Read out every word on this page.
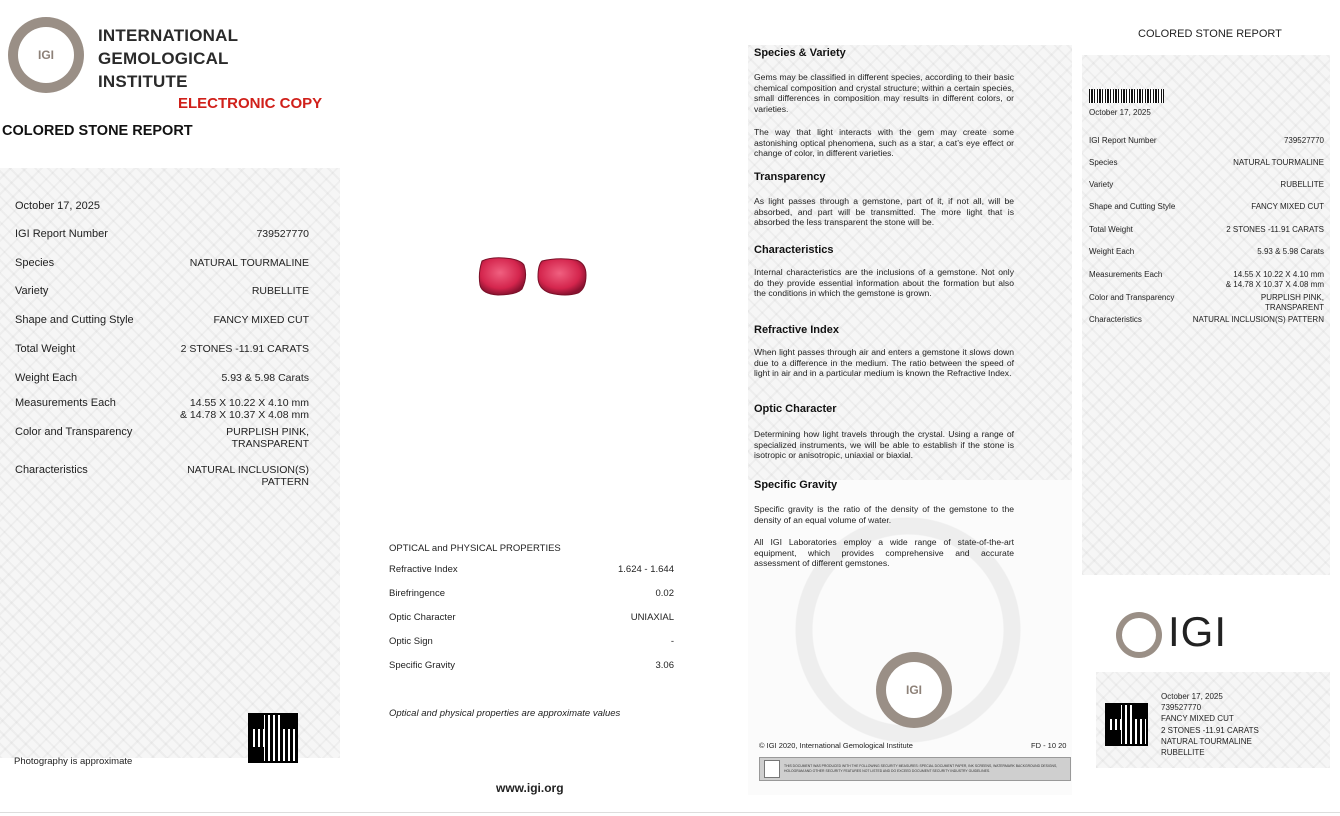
IGI
INTERNATIONAL
GEMOLOGICAL
INSTITUTE
ELECTRONIC COPY
COLORED STONE REPORT
October 17, 2025
IGI Report Number	739527770
Species	NATURAL TOURMALINE
Variety	RUBELLITE
Shape and Cutting Style	FANCY MIXED CUT
Total Weight	2 STONES -11.91 CARATS
Weight Each	5.93 & 5.98 Carats
Measurements Each	14.55 X 10.22 X 4.10 mm
& 14.78 X 10.37 X 4.08 mm
Color and Transparency	PURPLISH PINK,
TRANSPARENT
Characteristics	NATURAL INCLUSION(S)
PATTERN
Photography is approximate
OPTICAL and PHYSICAL PROPERTIES
Refractive Index	1.624 - 1.644
Birefringence	0.02
Optic Character	UNIAXIAL
Optic Sign	-
Specific Gravity	3.06
Optical and physical properties are approximate values
www.igi.org
Species & Variety
Gems may be classified in different species, according to their basic chemical composition and crystal structure; within a certain species, small differences in composition may results in different colors, or varieties.
The way that light interacts with the gem may create some astonishing optical phenomena, such as a star, a cat’s eye effect or change of color, in different varieties.
Transparency
As light passes through a gemstone, part of it, if not all, will be absorbed, and part will be transmitted. The more light that is absorbed the less transparent the stone will be.
Characteristics
Internal characteristics are the inclusions of a gemstone. Not only do they provide essential information about the formation but also the conditions in which the gemstone is grown.
Refractive Index
When light passes through air and enters a gemstone it slows down due to a difference in the medium. The ratio between the speed of light in air and in a particular medium is known the Refractive Index.
Optic Character
Determining how light travels through the crystal. Using a range of specialized instruments, we will be able to establish if the stone is isotropic or anisotropic, uniaxial or biaxial.
Specific Gravity
Specific gravity is the ratio of the density of the gemstone to the density of an equal volume of water.
All IGI Laboratories employ a wide range of state-of-the-art equipment, which provides comprehensive and accurate assessment of different gemstones.
IGI
© IGI 2020, International Gemological Institute	FD - 10 20
THIS DOCUMENT WAS PRODUCED WITH THE FOLLOWING SECURITY MEASURES: SPECIAL DOCUMENT PAPER, INK SCREENS, WATERMARK BACKGROUND DESIGNS, HOLOGRAM AND OTHER SECURITY FEATURES NOT LISTED AND DO EXCEED DOCUMENT SECURITY INDUSTRY GUIDELINES.
COLORED STONE REPORT
October 17, 2025
IGI Report Number	739527770
Species	NATURAL TOURMALINE
Variety	RUBELLITE
Shape and Cutting Style	FANCY MIXED CUT
Total Weight	2 STONES -11.91 CARATS
Weight Each	5.93 & 5.98 Carats
Measurements Each	14.55 X 10.22 X 4.10 mm
& 14.78 X 10.37 X 4.08 mm
Color and Transparency	PURPLISH PINK,
TRANSPARENT
Characteristics	NATURAL INCLUSION(S) PATTERN
IGI
October 17, 2025
739527770
FANCY MIXED CUT
2 STONES -11.91 CARATS
NATURAL TOURMALINE
RUBELLITE
